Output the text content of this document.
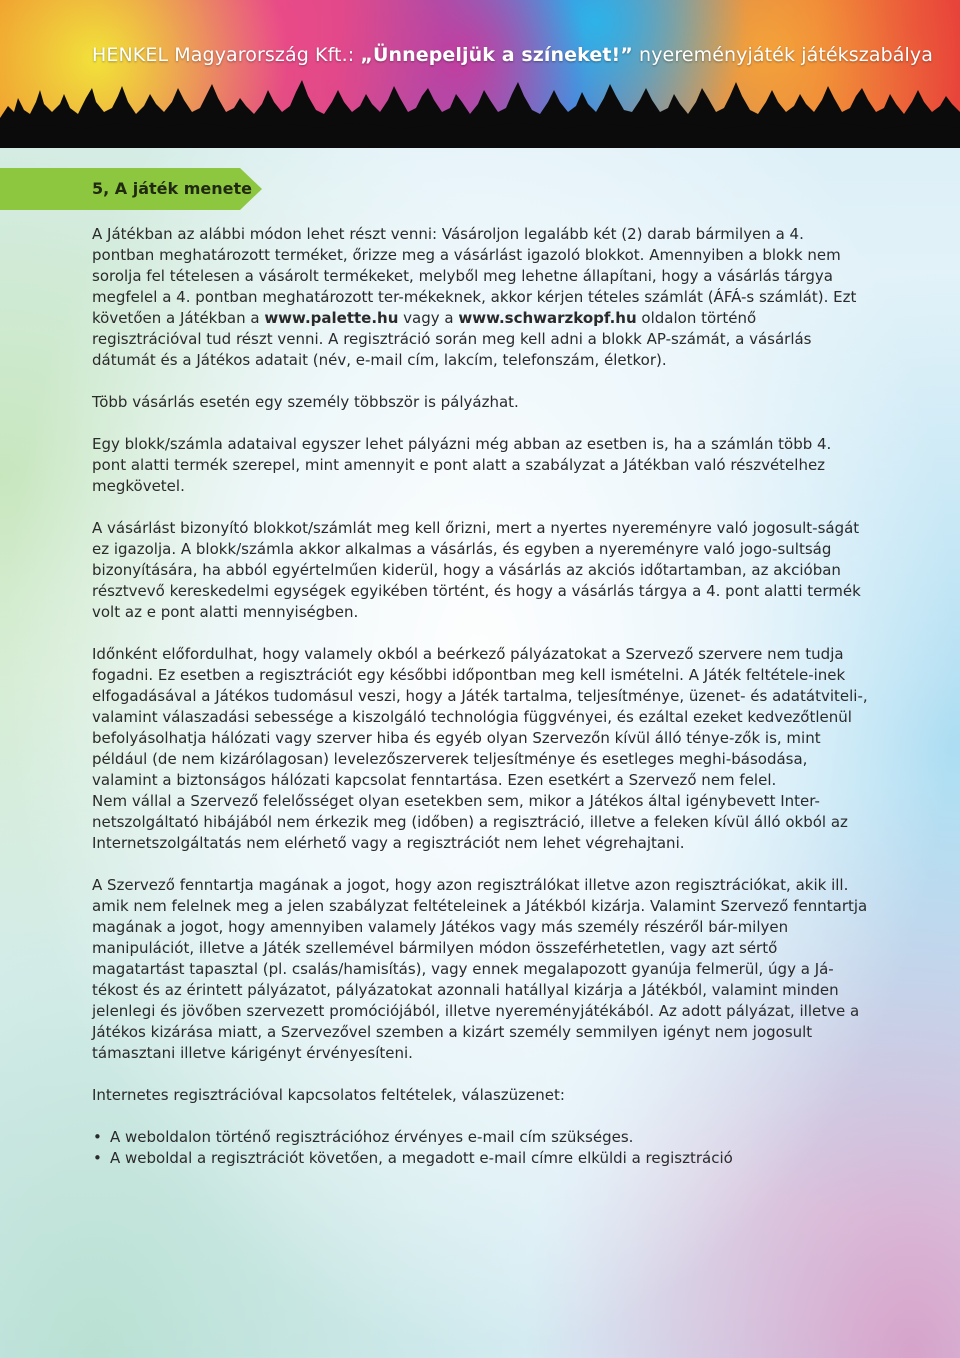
HENKEL Magyarország Kft.: „Ünnepeljük a színeket!” nyereményjáték játékszabálya
5, A játék menete

A Játékban az alábbi módon lehet részt venni: Vásároljon legalább két (2) darab bármilyen a 4. pontban meghatározott terméket, őrizze meg a vásárlást igazoló blokkot. Amennyiben a blokk nem sorolja fel tételesen a vásárolt termékeket, melyből meg lehetne állapítani, hogy a vásárlás tárgya megfelel a 4. pontban meghatározott ter-mékeknek, akkor kérjen tételes számlát (ÁFÁ-s számlát). Ezt követően a Játékban a www.palette.hu vagy a www.schwarzkopf.hu oldalon történő regisztrációval tud részt venni. A regisztráció során meg kell adni a blokk AP-számát, a vásárlás dátumát és a Játékos adatait (név, e-mail cím, lakcím, telefonszám, életkor).

Több vásárlás esetén egy személy többször is pályázhat.

Egy blokk/számla adataival egyszer lehet pályázni még abban az esetben is, ha a számlán több 4. pont alatti termék szerepel, mint amennyit e pont alatt a szabályzat a Játékban való részvételhez megkövetel.

A vásárlást bizonyító blokkot/számlát meg kell őrizni, mert a nyertes nyereményre való jogosult-ságát ez igazolja. A blokk/számla akkor alkalmas a vásárlás, és egyben a nyereményre való jogo-sultság bizonyítására, ha abból egyértelműen kiderül, hogy a vásárlás az akciós időtartamban, az akcióban résztvevő kereskedelmi egységek egyikében történt, és hogy a vásárlás tárgya a 4. pont alatti termék volt az e pont alatti mennyiségben.

Időnként előfordulhat, hogy valamely okból a beérkező pályázatokat a Szervező szervere nem tudja fogadni. Ez esetben a regisztrációt egy későbbi időpontban meg kell ismételni. A Játék feltétele-inek elfogadásával a Játékos tudomásul veszi, hogy a Játék tartalma, teljesítménye, üzenet- és adatátviteli-, valamint válaszadási sebessége a kiszolgáló technológia függvényei, és ezáltal ezeket kedvezőtlenül befolyásolhatja hálózati vagy szerver hiba és egyéb olyan Szervezőn kívül álló ténye-zők is, mint például (de nem kizárólagosan) levelezőszerverek teljesítménye és esetleges meghi-básodása, valamint a biztonságos hálózati kapcsolat fenntartása. Ezen esetkért a Szervező nem felel.

Nem vállal a Szervező felelősséget olyan esetekben sem, mikor a Játékos által igénybevett Inter-netszolgáltató hibájából nem érkezik meg (időben) a regisztráció, illetve a feleken kívül álló okból az Internetszolgáltatás nem elérhető vagy a regisztrációt nem lehet végrehajtani.

A Szervező fenntartja magának a jogot, hogy azon regisztrálókat illetve azon regisztrációkat, akik ill. amik nem felelnek meg a jelen szabályzat feltételeinek a Játékból kizárja. Valamint Szervező fenntartja magának a jogot, hogy amennyiben valamely Játékos vagy más személy részéről bár-milyen manipulációt, illetve a Játék szellemével bármilyen módon összeférhetetlen, vagy azt sértő magatartást tapasztal (pl. csalás/hamisítás), vagy ennek megalapozott gyanúja felmerül, úgy a Já-tékost és az érintett pályázatot, pályázatokat azonnali hatállyal kizárja a Játékból, valamint minden jelenlegi és jövőben szervezett promóciójából, illetve nyereményjátékából. Az adott pályázat, illetve a Játékos kizárása miatt, a Szervezővel szemben a kizárt személy semmilyen igényt nem jogosult támasztani illetve kárigényt érvényesíteni.

Internetes regisztrációval kapcsolatos feltételek, válaszüzenet:

• A weboldalon történő regisztrációhoz érvényes e-mail cím szükséges.
• A weboldal a regisztrációt követően, a megadott e-mail címre elküldi a regisztráció
